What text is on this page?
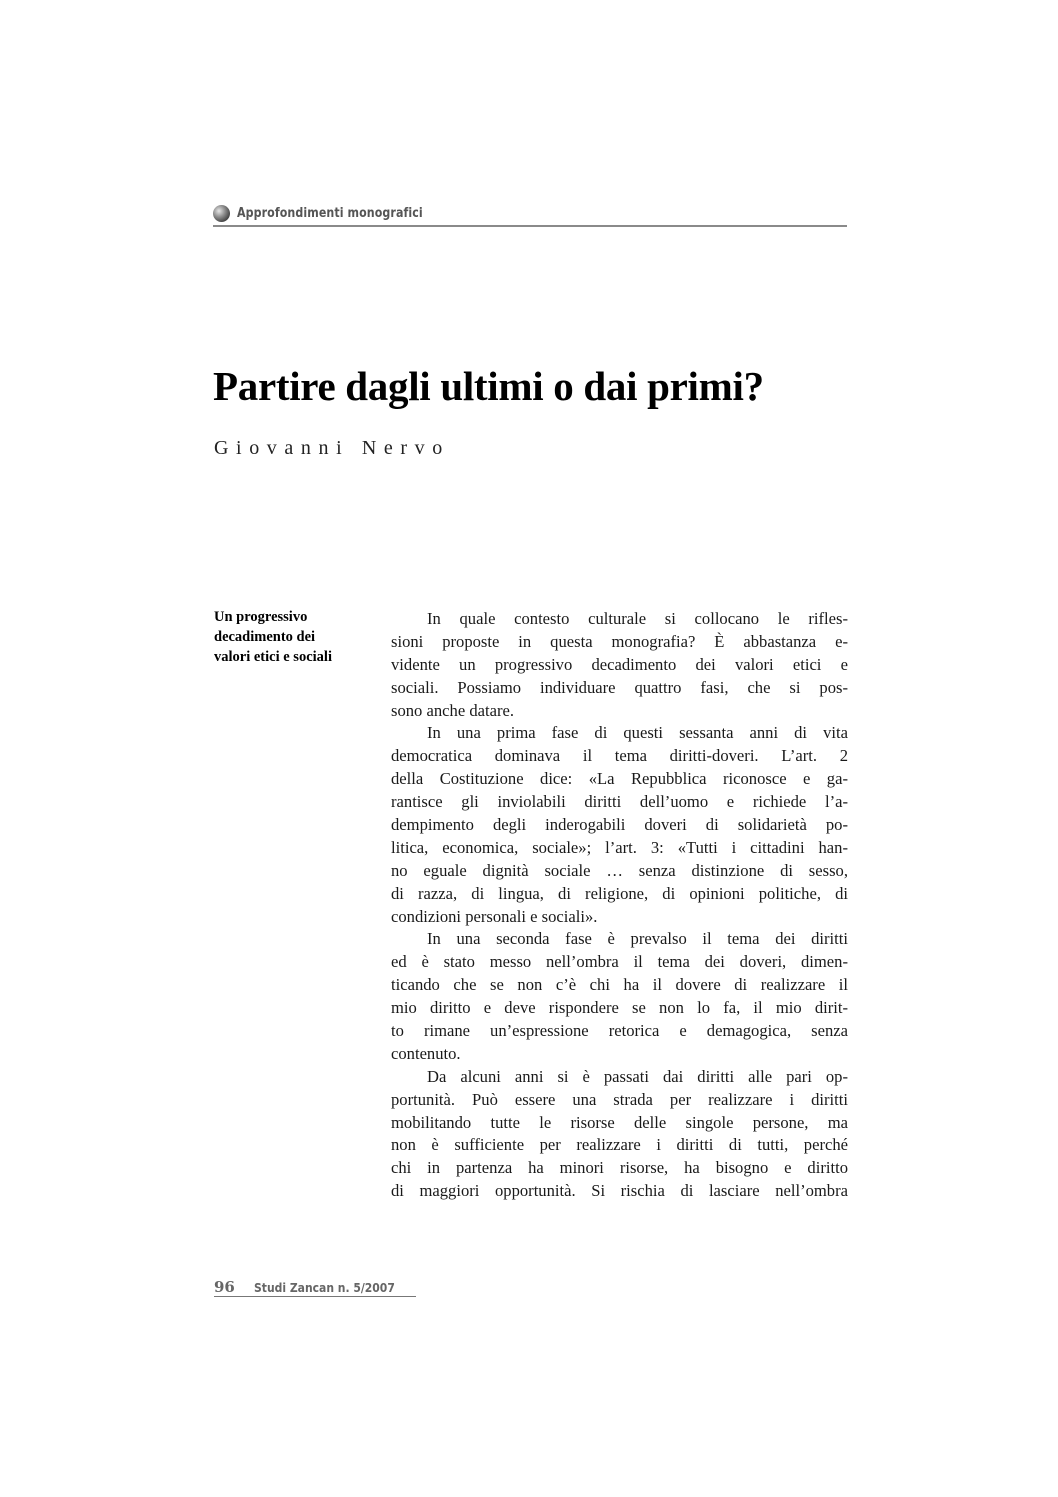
Approfondimenti monografici
Partire dagli ultimi o dai primi?
Giovanni Nervo
Un progressivo
decadimento dei
valori etici e sociali
In quale contesto culturale si collocano le rifles-
sioni proposte in questa monografia? È abbastanza e-
vidente un progressivo decadimento dei valori etici e
sociali. Possiamo individuare quattro fasi, che si pos-
sono anche datare.
In una prima fase di questi sessanta anni di vita
democratica dominava il tema diritti-doveri. L’art. 2
della Costituzione dice: «La Repubblica riconosce e ga-
rantisce gli inviolabili diritti dell’uomo e richiede l’a-
dempimento degli inderogabili doveri di solidarietà po-
litica, economica, sociale»; l’art. 3: «Tutti i cittadini han-
no eguale dignità sociale … senza distinzione di sesso,
di razza, di lingua, di religione, di opinioni politiche, di
condizioni personali e sociali».
In una seconda fase è prevalso il tema dei diritti
ed è stato messo nell’ombra il tema dei doveri, dimen-
ticando che se non c’è chi ha il dovere di realizzare il
mio diritto e deve rispondere se non lo fa, il mio dirit-
to rimane un’espressione retorica e demagogica, senza
contenuto.
Da alcuni anni si è passati dai diritti alle pari op-
portunità. Può essere una strada per realizzare i diritti
mobilitando tutte le risorse delle singole persone, ma
non è sufficiente per realizzare i diritti di tutti, perché
chi in partenza ha minori risorse, ha bisogno e diritto
di maggiori opportunità. Si rischia di lasciare nell’ombra
96 Studi Zancan n. 5/2007
